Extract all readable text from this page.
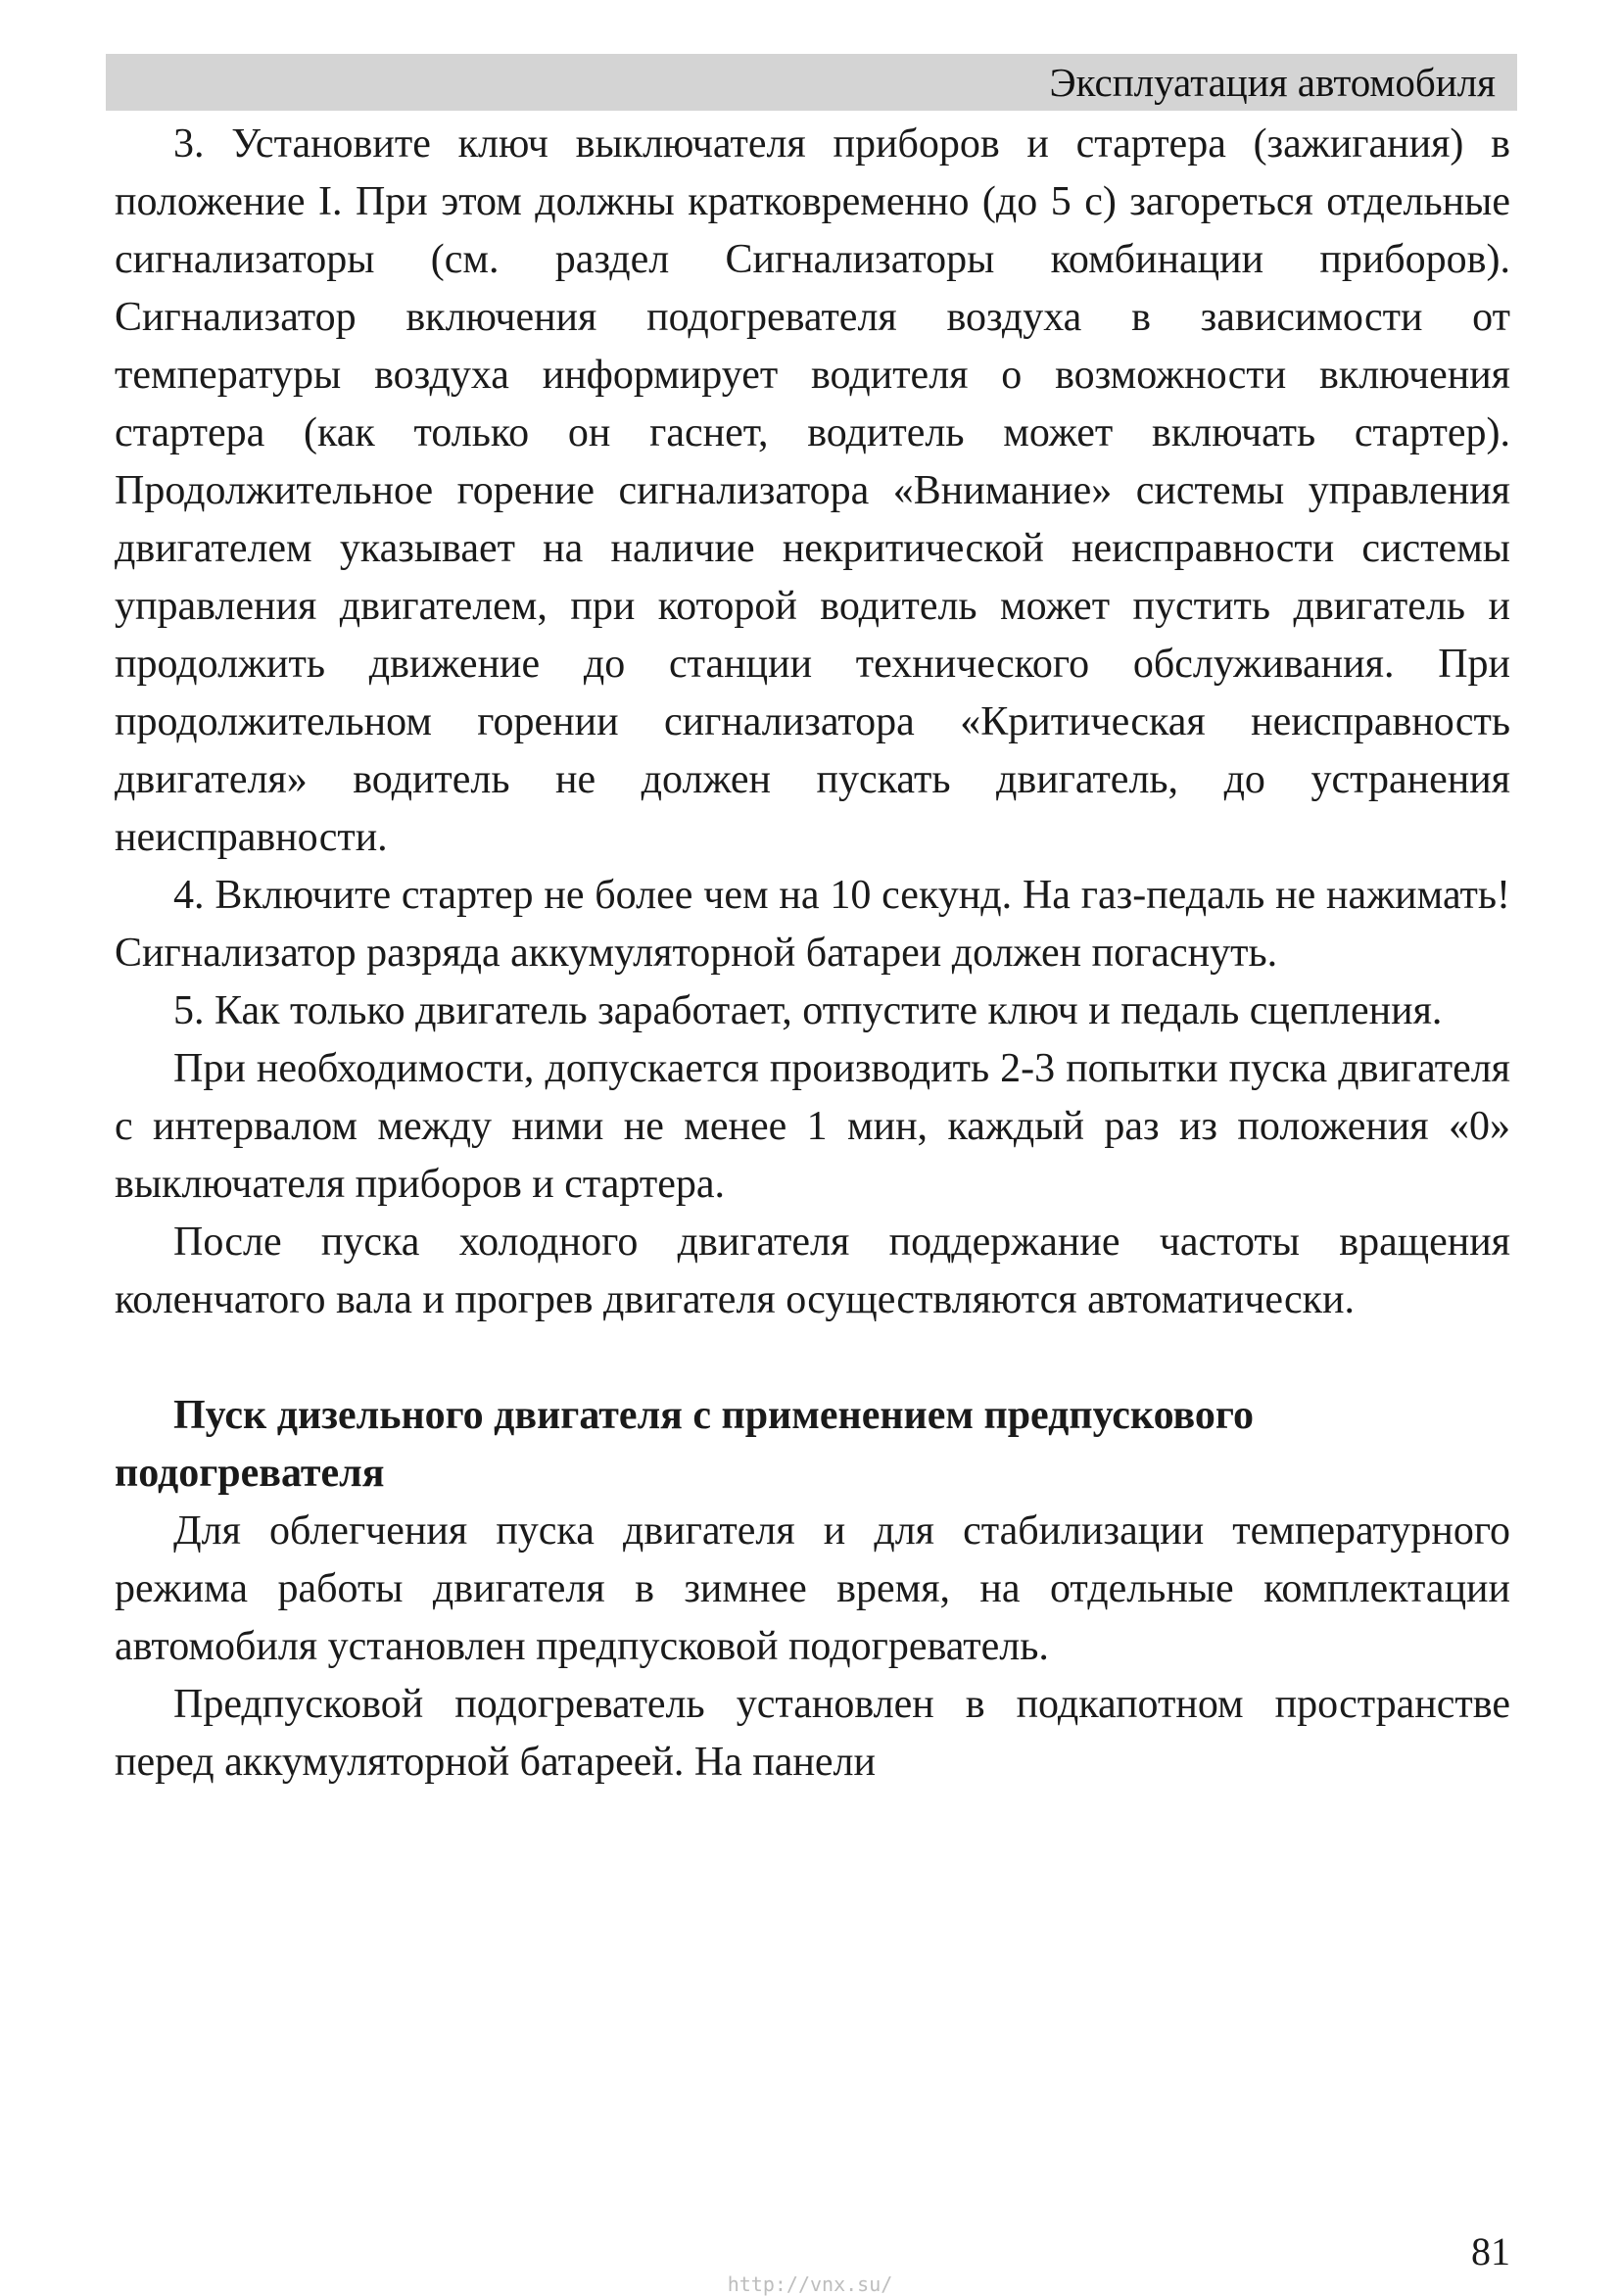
Эксплуатация автомобиля

3. Установите ключ выключателя приборов и стартера (зажигания) в положение I. При этом должны кратковременно (до 5 с) загореться отдельные сигнализаторы (см. раздел Сигнализаторы комбинации приборов). Сигнализатор включения подогревателя воздуха в зависимости от температуры воздуха информирует водителя о возможности включения стартера (как только он гаснет, водитель может включать стартер). Продолжительное горение сигнализатора «Внимание» системы управления двигателем указывает на наличие некритической неисправности системы управления двигателем, при которой водитель может пустить двигатель и продолжить движение до станции технического обслуживания. При продолжительном горении сигнализатора «Критическая неисправность двигателя» водитель не должен пускать двигатель, до устранения неисправности.

4. Включите стартер не более чем на 10 секунд. На газ-педаль не нажимать! Сигнализатор разряда аккумуляторной батареи должен погаснуть.

5. Как только двигатель заработает, отпустите ключ и педаль сцепления.

При необходимости, допускается производить 2-3 попытки пуска двигателя с интервалом между ними не менее 1 мин, каждый раз из положения «0» выключателя приборов и стартера.

После пуска холодного двигателя поддержание частоты вращения коленчатого вала и прогрев двигателя осуществляются автоматически.

Пуск дизельного двигателя с применением предпускового подогревателя

Для облегчения пуска двигателя и для стабилизации температурного режима работы двигателя в зимнее время, на отдельные комплектации автомобиля установлен предпусковой подогреватель.

Предпусковой подогреватель установлен в подкапотном пространстве перед аккумуляторной батареей. На панели

81
http://vnx.su/
